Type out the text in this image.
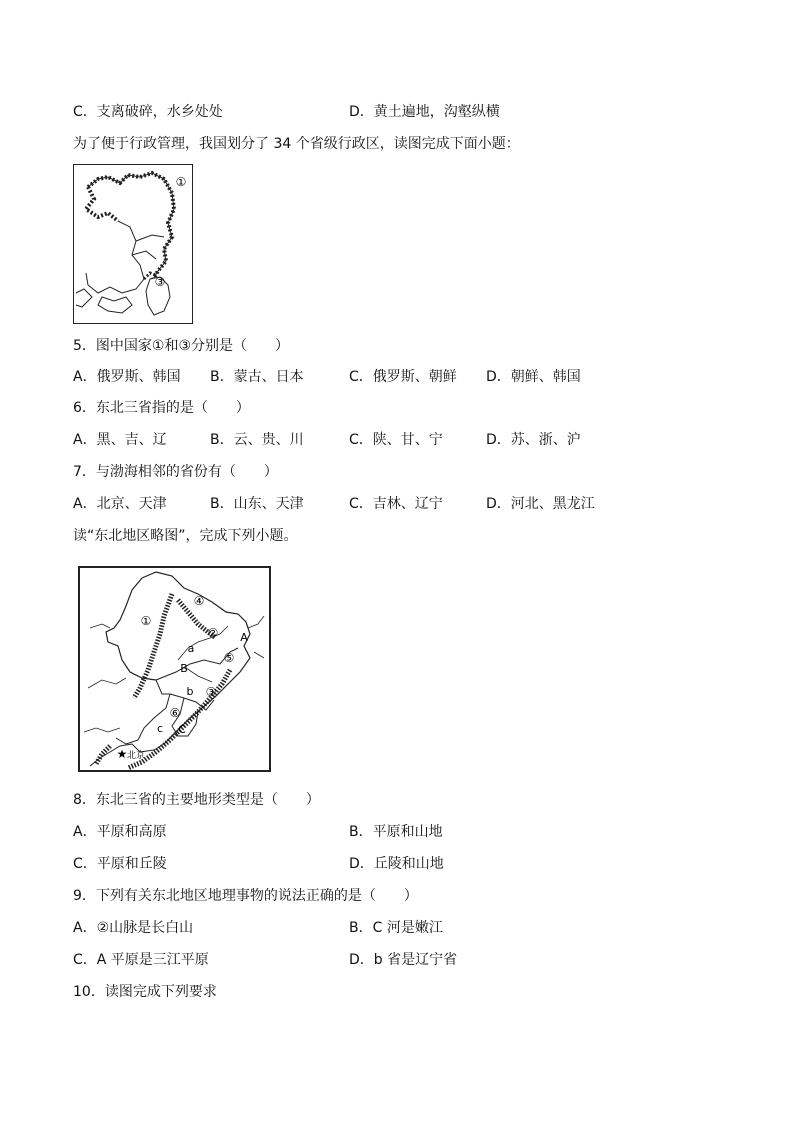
C．支离破碎，水乡处处	D．黄土遍地，沟壑纵横
为了便于行政管理，我国划分了 34 个省级行政区，读图完成下面小题：
①
③
5．图中国家①和③分别是（　　）
A．俄罗斯、韩国 B．蒙古、日本	C．俄罗斯、朝鲜 D．朝鲜、韩国
6．东北三省指的是（　　）
A．黑、吉、辽	B．云、贵、川	C．陕、甘、宁	D．苏、浙、沪
7．与渤海相邻的省份有（　　）
A．北京、天津	B．山东、天津	C．吉林、辽宁	D．河北、黑龙江
读“东北地区略图”，完成下列小题。
①
②
③
④
⑤
⑥
A
B
C
a
b
c
★ 北京
8．东北三省的主要地形类型是（　　）
A．平原和高原	B．平原和山地
C．平原和丘陵	D．丘陵和山地
9．下列有关东北地区地理事物的说法正确的是（　　）
A．②山脉是长白山	B．C 河是嫩江
C．A 平原是三江平原	D．b 省是辽宁省
10．读图完成下列要求
